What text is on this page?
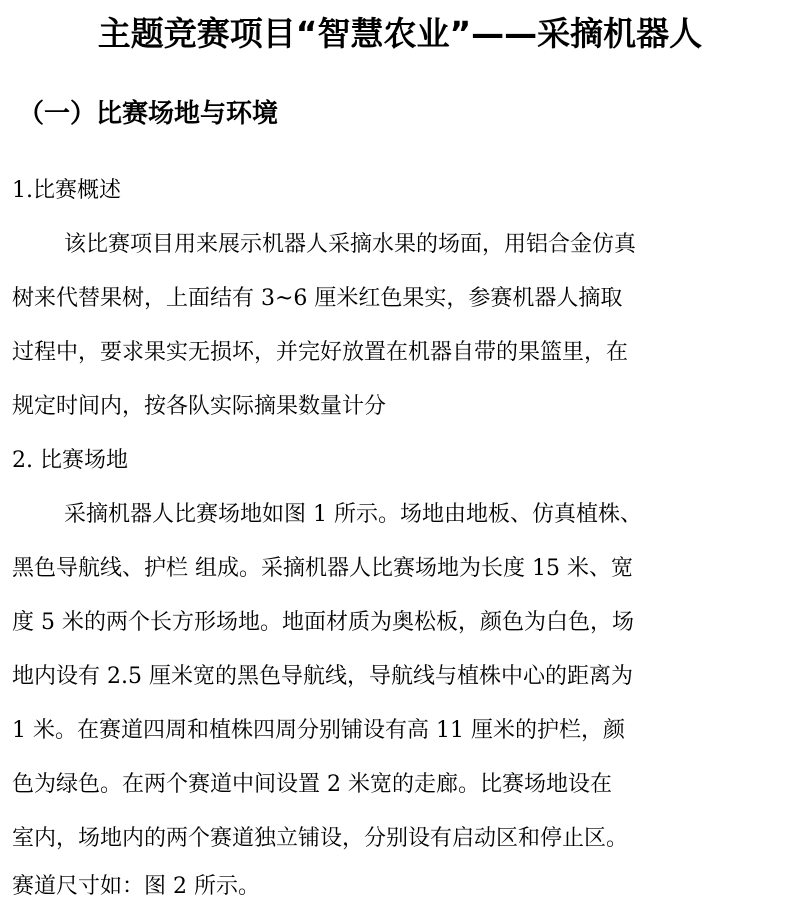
主题竞赛项目“智慧农业”——采摘机器人
（一）比赛场地与环境
1.比赛概述
该比赛项目用来展示机器人采摘水果的场面，用铝合金仿真
树来代替果树，上面结有 3~6 厘米红色果实，参赛机器人摘取
过程中，要求果实无损坏，并完好放置在机器自带的果篮里，在
规定时间内，按各队实际摘果数量计分
2. 比赛场地
采摘机器人比赛场地如图 1 所示。场地由地板、仿真植株、
黑色导航线、护栏 组成。采摘机器人比赛场地为长度 15 米、宽
度 5 米的两个长方形场地。地面材质为奥松板，颜色为白色，场
地内设有 2.5 厘米宽的黑色导航线，导航线与植株中心的距离为
1 米。在赛道四周和植株四周分别铺设有高 11 厘米的护栏，颜
色为绿色。在两个赛道中间设置 2 米宽的走廊。比赛场地设在
室内，场地内的两个赛道独立铺设，分别设有启动区和停止区。
赛道尺寸如：图 2 所示。
